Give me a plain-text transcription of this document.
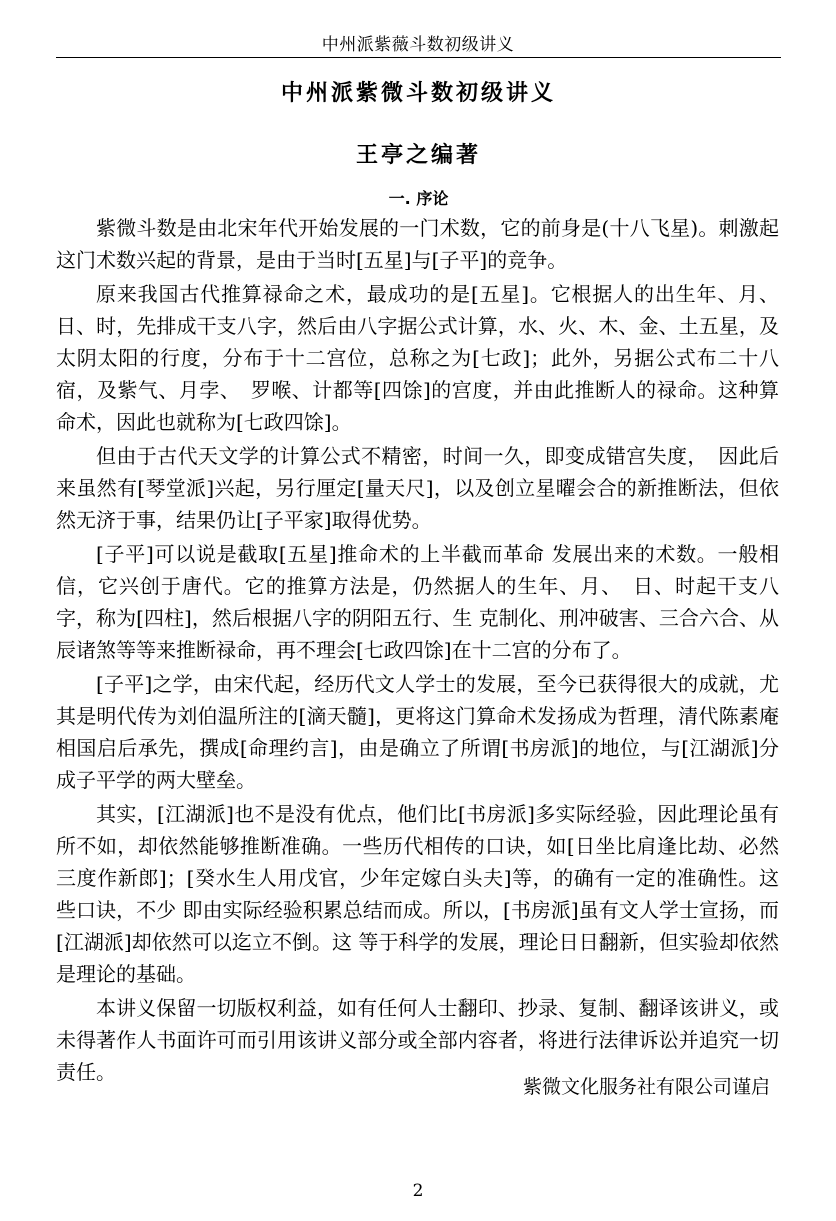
中州派紫薇斗数初级讲义
中州派紫微斗数初级讲义
王亭之编著
一. 序论

紫微斗数是由北宋年代开始发展的一门术数，它的前身是(十八飞星)。刺激起这门术数兴起的背景，是由于当时[五星]与[子平]的竞争。

原来我国古代推算禄命之术，最成功的是[五星]。它根据人的出生年、月、日、时，先排成干支八字，然后由八字据公式计算，水、火、木、金、土五星，及太阴太阳的行度，分布于十二宫位，总称之为[七政]；此外，另据公式布二十八宿，及紫气、月孛、　罗喉、计都等[四馀]的宫度，并由此推断人的禄命。这种算命术，因此也就称为[七政四馀]。

但由于古代天文学的计算公式不精密，时间一久，即变成错宫失度，　因此后来虽然有[琴堂派]兴起，另行厘定[量天尺]，以及创立星曜会合的新推断法，但依然无济于事，结果仍让[子平家]取得优势。

[子平]可以说是截取[五星]推命术的上半截而革命 发展出来的术数。一般相信，它兴创于唐代。它的推算方法是，仍然据人的生年、月、　日、时起干支八字，称为[四柱]，然后根据八字的阴阳五行、生 克制化、刑冲破害、三合六合、从辰诸煞等等来推断禄命，再不理会[七政四馀]在十二宫的分布了。

[子平]之学，由宋代起，经历代文人学士的发展，至今已获得很大的成就，尤其是明代传为刘伯温所注的[滴天髓]，更将这门算命术发扬成为哲理，清代陈素庵相国启后承先，撰成[命理约言]，由是确立了所谓[书房派]的地位，与[江湖派]分成子平学的两大壁垒。

其实，[江湖派]也不是没有优点，他们比[书房派]多实际经验，因此理论虽有所不如，却依然能够推断准确。一些历代相传的口诀，如[日坐比肩逢比劫、必然三度作新郎]；[癸水生人用戊官，少年定嫁白头夫]等，的确有一定的准确性。这些口诀，不少 即由实际经验积累总结而成。所以，[书房派]虽有文人学士宣扬，而[江湖派]却依然可以迄立不倒。这 等于科学的发展，理论日日翻新，但实验却依然是理论的基础。

本讲义保留一切版权利益，如有任何人士翻印、抄录、复制、翻译该讲义，或未得著作人书面许可而引用该讲义部分或全部内容者，将进行法律诉讼并追究一切责任。

紫微文化服务社有限公司谨启
2
